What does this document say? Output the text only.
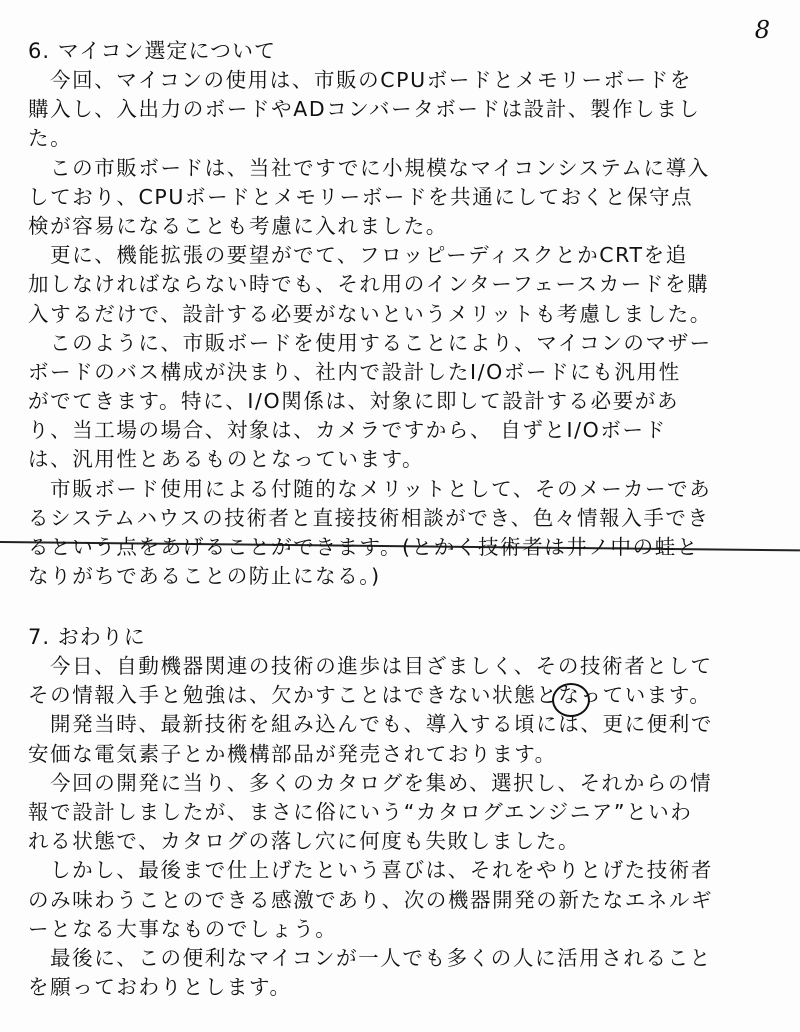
8
6. マイコン選定について
今回、マイコンの使用は、市販のCPUボードとメモリーボードを
購入し、入出力のボードやADコンバータボードは設計、製作しまし
た。
この市販ボードは、当社ですでに小規模なマイコンシステムに導入
しており、CPUボードとメモリーボードを共通にしておくと保守点
検が容易になることも考慮に入れました。
更に、機能拡張の要望がでて、フロッピーディスクとかCRTを追
加しなければならない時でも、それ用のインターフェースカードを購
入するだけで、設計する必要がないというメリットも考慮しました。
このように、市販ボードを使用することにより、マイコンのマザー
ボードのバス構成が決まり、社内で設計したI/Oボードにも汎用性
がでてきます。特に、I/O関係は、対象に即して設計する必要があ
り、当工場の場合、対象は、カメラですから、 自ずとI/Oボード
は、汎用性とあるものとなっています。
市販ボード使用による付随的なメリットとして、そのメーカーであ
るシステムハウスの技術者と直接技術相談ができ、色々情報入手でき
るという点をあげることができます。(とかく技術者は井ノ中の蛙と
なりがちであることの防止になる。)
7. おわりに
今日、自動機器関連の技術の進歩は目ざましく、その技術者として
その情報入手と勉強は、欠かすことはできない状態となっています。
開発当時、最新技術を組み込んでも、導入する頃には、更に便利で
安価な電気素子とか機構部品が発売されております。
今回の開発に当り、多くのカタログを集め、選択し、それからの情
報で設計しましたが、まさに俗にいう“カタログエンジニア”といわ
れる状態で、カタログの落し穴に何度も失敗しました。
しかし、最後まで仕上げたという喜びは、それをやりとげた技術者
のみ味わうことのできる感激であり、次の機器開発の新たなエネルギ
ーとなる大事なものでしょう。
最後に、この便利なマイコンが一人でも多くの人に活用されること
を願っておわりとします。
